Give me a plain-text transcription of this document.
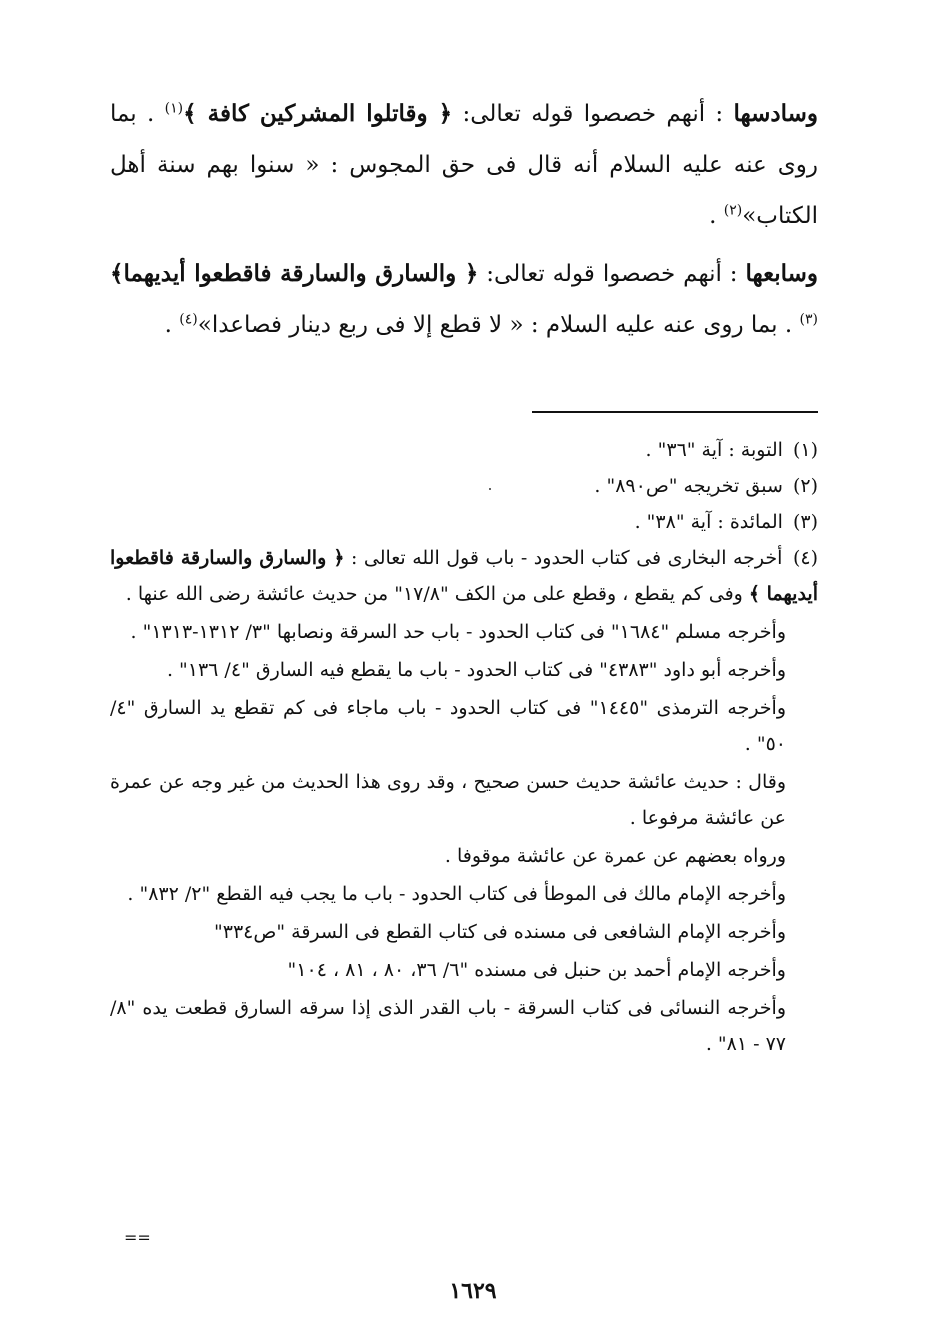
وسادسها : أنهم خصصوا قوله تعالى: ﴿ وقاتلوا المشركين كافة ﴾$^{(١)}$ . بما روى عنه عليه السلام أنه قال فى حق المجوس : « سنوا بهم سنة أهل الكتاب»$^{(٢)}$ .

وسابعها : أنهم خصصوا قوله تعالى: ﴿ والسارق والسارقة فاقطعوا أيديهما﴾$^{(٣)}$ . بما روى عنه عليه السلام : « لا قطع إلا فى ربع دينار فصاعدا»$^{(٤)}$ .

(١) التوبة : آية "٣٦" .

(٢) سبق تخريجه "ص٨٩٠" .

(٣) المائدة : آية "٣٨" .

(٤) أخرجه البخارى فى كتاب الحدود - باب قول الله تعالى : ﴿ والسارق والسارقة فاقطعوا أيديهما ﴾ وفى كم يقطع ، وقطع على من الكف "١٧/٨" من حديث عائشة رضى الله عنها .

وأخرجه مسلم "١٦٨٤" فى كتاب الحدود - باب حد السرقة ونصابها "٣/ ١٣١٢-١٣١٣" .

وأخرجه أبو داود "٤٣٨٣" فى كتاب الحدود - باب ما يقطع فيه السارق "٤/ ١٣٦" .

وأخرجه الترمذى "١٤٤٥" فى كتاب الحدود - باب ماجاء فى كم تقطع يد السارق "٤/ ٥٠" .

وقال : حديث عائشة حديث حسن صحيح ، وقد روى هذا الحديث من غير وجه عن عمرة عن عائشة مرفوعا .

ورواه بعضهم عن عمرة عن عائشة موقوفا .

وأخرجه الإمام مالك فى الموطأ فى كتاب الحدود - باب ما يجب فيه القطع "٢/ ٨٣٢" .

وأخرجه الإمام الشافعى فى مسنده فى كتاب القطع فى السرقة "ص٣٣٤"

وأخرجه الإمام أحمد بن حنبل فى مسنده "٦/ ٣٦، ٨٠ ، ٨١ ، ١٠٤"

وأخرجه النسائى فى كتاب السرقة - باب القدر الذى إذا سرقه السارق قطعت يده "٨/ ٧٧ - ٨١" .

==
١٦٢٩
